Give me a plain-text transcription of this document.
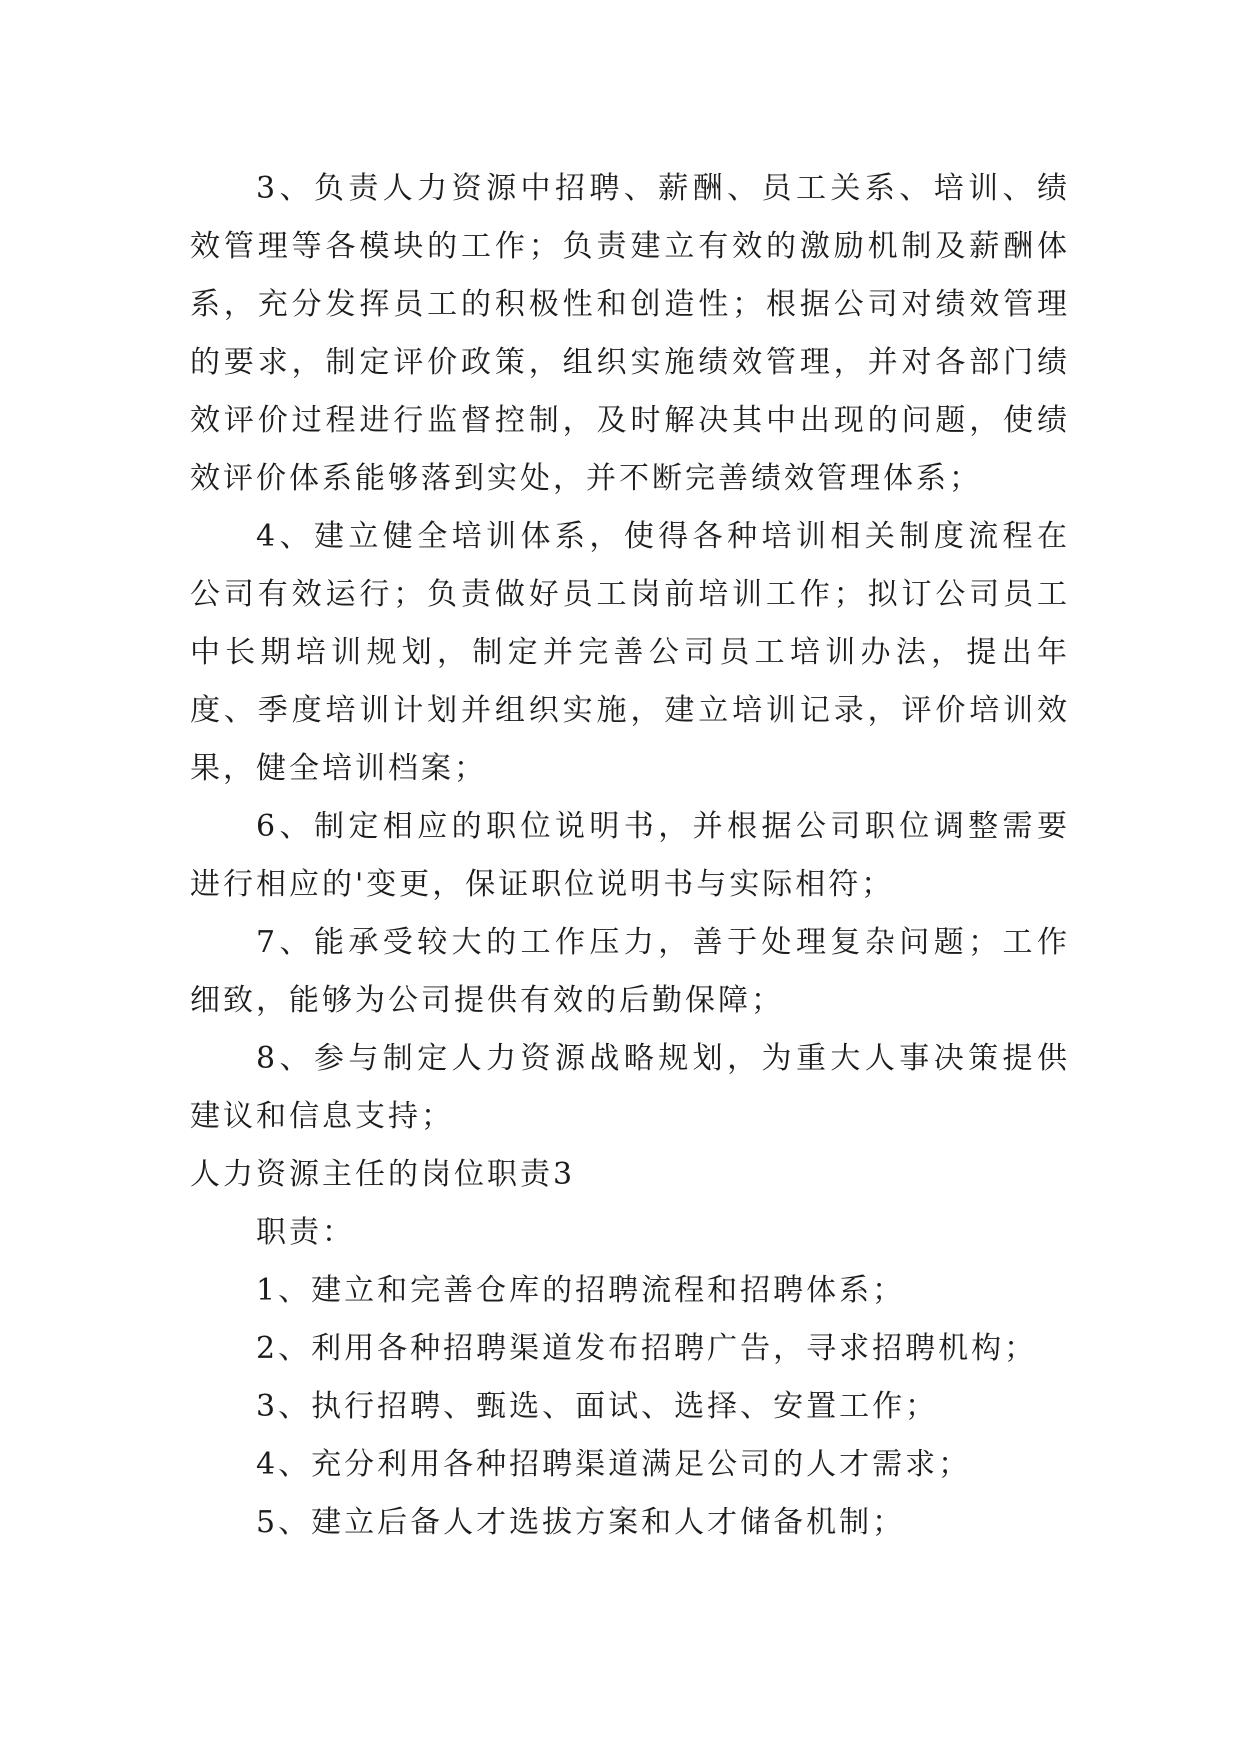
3、负责人力资源中招聘、薪酬、员工关系、培训、绩效管理等各模块的工作；负责建立有效的激励机制及薪酬体系，充分发挥员工的积极性和创造性；根据公司对绩效管理的要求，制定评价政策，组织实施绩效管理，并对各部门绩效评价过程进行监督控制，及时解决其中出现的问题，使绩效评价体系能够落到实处，并不断完善绩效管理体系；

4、建立健全培训体系，使得各种培训相关制度流程在公司有效运行；负责做好员工岗前培训工作；拟订公司员工中长期培训规划，制定并完善公司员工培训办法，提出年度、季度培训计划并组织实施，建立培训记录，评价培训效果，健全培训档案；

6、制定相应的职位说明书，并根据公司职位调整需要进行相应的'变更，保证职位说明书与实际相符；

7、能承受较大的工作压力，善于处理复杂问题；工作细致，能够为公司提供有效的后勤保障；

8、参与制定人力资源战略规划，为重大人事决策提供建议和信息支持；

人力资源主任的岗位职责3

职责：

1、建立和完善仓库的招聘流程和招聘体系；

2、利用各种招聘渠道发布招聘广告，寻求招聘机构；

3、执行招聘、甄选、面试、选择、安置工作；

4、充分利用各种招聘渠道满足公司的人才需求；

5、建立后备人才选拔方案和人才储备机制；
